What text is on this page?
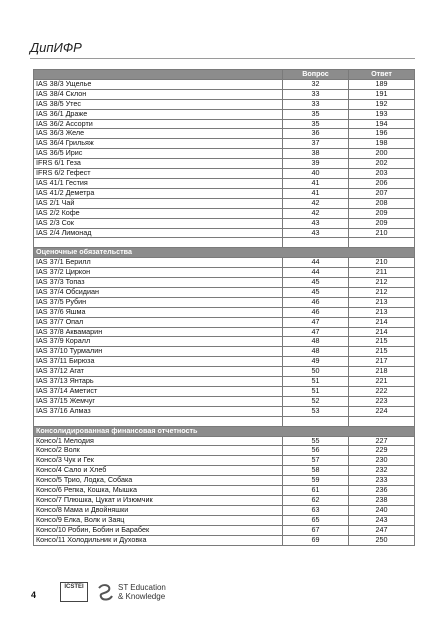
ДипИФР
	Вопрос	Ответ
IAS 38/3 Ущелье	32	189
IAS 38/4 Склон	33	191
IAS 38/5 Утес	33	192
IAS 36/1 Драже	35	193
IAS 36/2 Ассорти	35	194
IAS 36/3 Желе	36	196
IAS 36/4 Грильяж	37	198
IAS 36/5 Ирис	38	200
IFRS 6/1 Геза	39	202
IFRS 6/2 Гефест	40	203
IAS 41/1 Гестия	41	206
IAS 41/2 Деметра	41	207
IAS 2/1 Чай	42	208
IAS 2/2 Кофе	42	209
IAS 2/3 Сок	43	209
IAS 2/4 Лимонад	43	210

Оценочные обязательства		
IAS 37/1 Берилл	44	210
IAS 37/2 Циркон	44	211
IAS 37/3 Топаз	45	212
IAS 37/4 Обсидиан	45	212
IAS 37/5 Рубин	46	213
IAS 37/6 Яшма	46	213
IAS 37/7 Опал	47	214
IAS 37/8 Аквамарин	47	214
IAS 37/9 Коралл	48	215
IAS 37/10 Турмалин	48	215
IAS 37/11 Бирюза	49	217
IAS 37/12 Агат	50	218
IAS 37/13 Янтарь	51	221
IAS 37/14 Аметист	51	222
IAS 37/15 Жемчуг	52	223
IAS 37/16 Алмаз	53	224

Консолидированная финансовая отчетность		
Консо/1 Мелодия	55	227
Консо/2 Волк	56	229
Консо/3 Чук и Гек	57	230
Консо/4 Сало и Хлеб	58	232
Консо/5 Трио, Лодка, Собака	59	233
Консо/6 Репка, Кошка, Мышка	61	236
Консо/7 Плюшка, Цукат и Изюмчик	62	238
Консо/8 Мама и Двойняшки	63	240
Консо/9 Елка, Волк и Заяц	65	243
Консо/10 Робин, Бобин и Барабек	67	247
Консо/11 Холодильник и Духовка	69	250
4
ICSTEI	ST Education
& Knowledge
